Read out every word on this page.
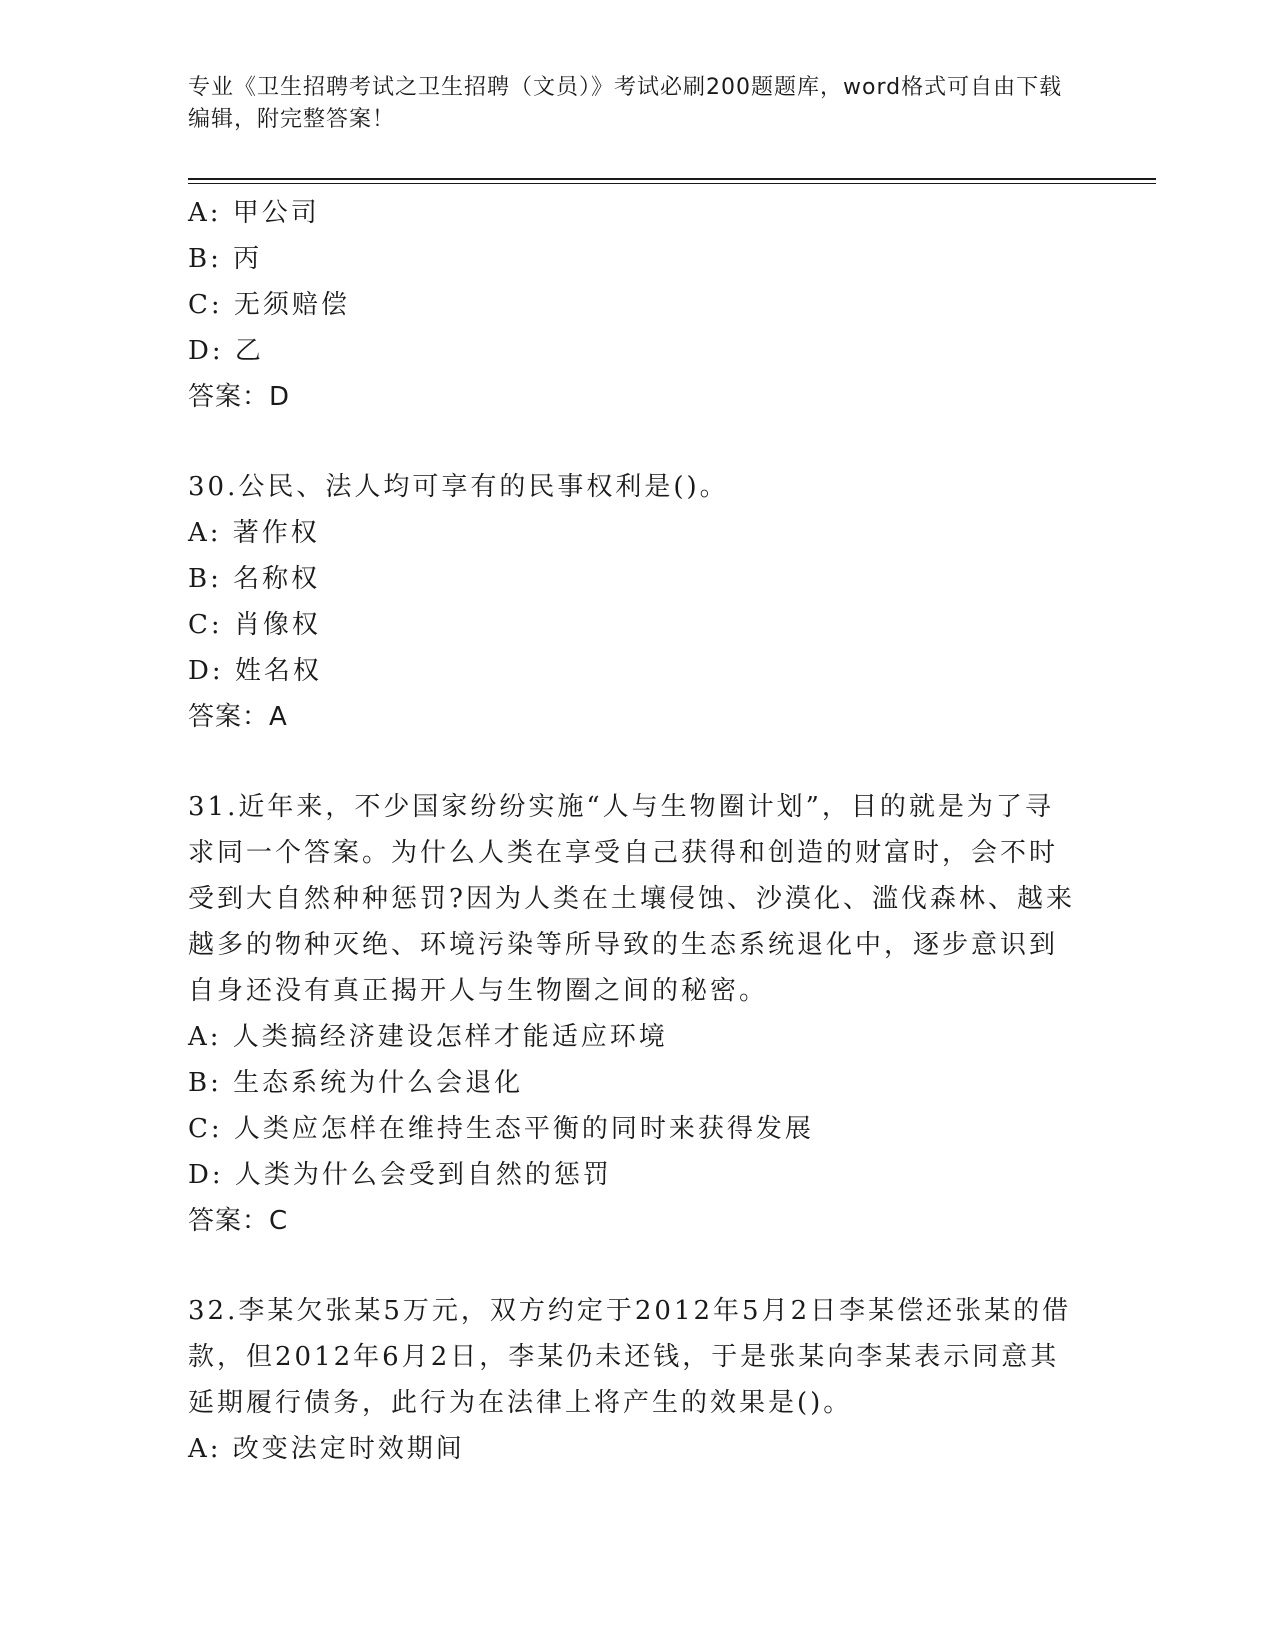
专业《卫生招聘考试之卫生招聘（文员）》考试必刷200题题库，word格式可自由下载编辑，附完整答案！
A: 甲公司
B: 丙
C: 无须赔偿
D: 乙
答案：D
30.公民、法人均可享有的民事权利是()。
A: 著作权
B: 名称权
C: 肖像权
D: 姓名权
答案：A
31.近年来，不少国家纷纷实施“人与生物圈计划”，目的就是为了寻求同一个答案。为什么人类在享受自己获得和创造的财富时，会不时受到大自然种种惩罚?因为人类在土壤侵蚀、沙漠化、滥伐森林、越来越多的物种灭绝、环境污染等所导致的生态系统退化中，逐步意识到自身还没有真正揭开人与生物圈之间的秘密。
A: 人类搞经济建设怎样才能适应环境
B: 生态系统为什么会退化
C: 人类应怎样在维持生态平衡的同时来获得发展
D: 人类为什么会受到自然的惩罚
答案：C
32.李某欠张某5万元，双方约定于2012年5月2日李某偿还张某的借款，但2012年6月2日，李某仍未还钱，于是张某向李某表示同意其延期履行债务，此行为在法律上将产生的效果是()。
A: 改变法定时效期间
